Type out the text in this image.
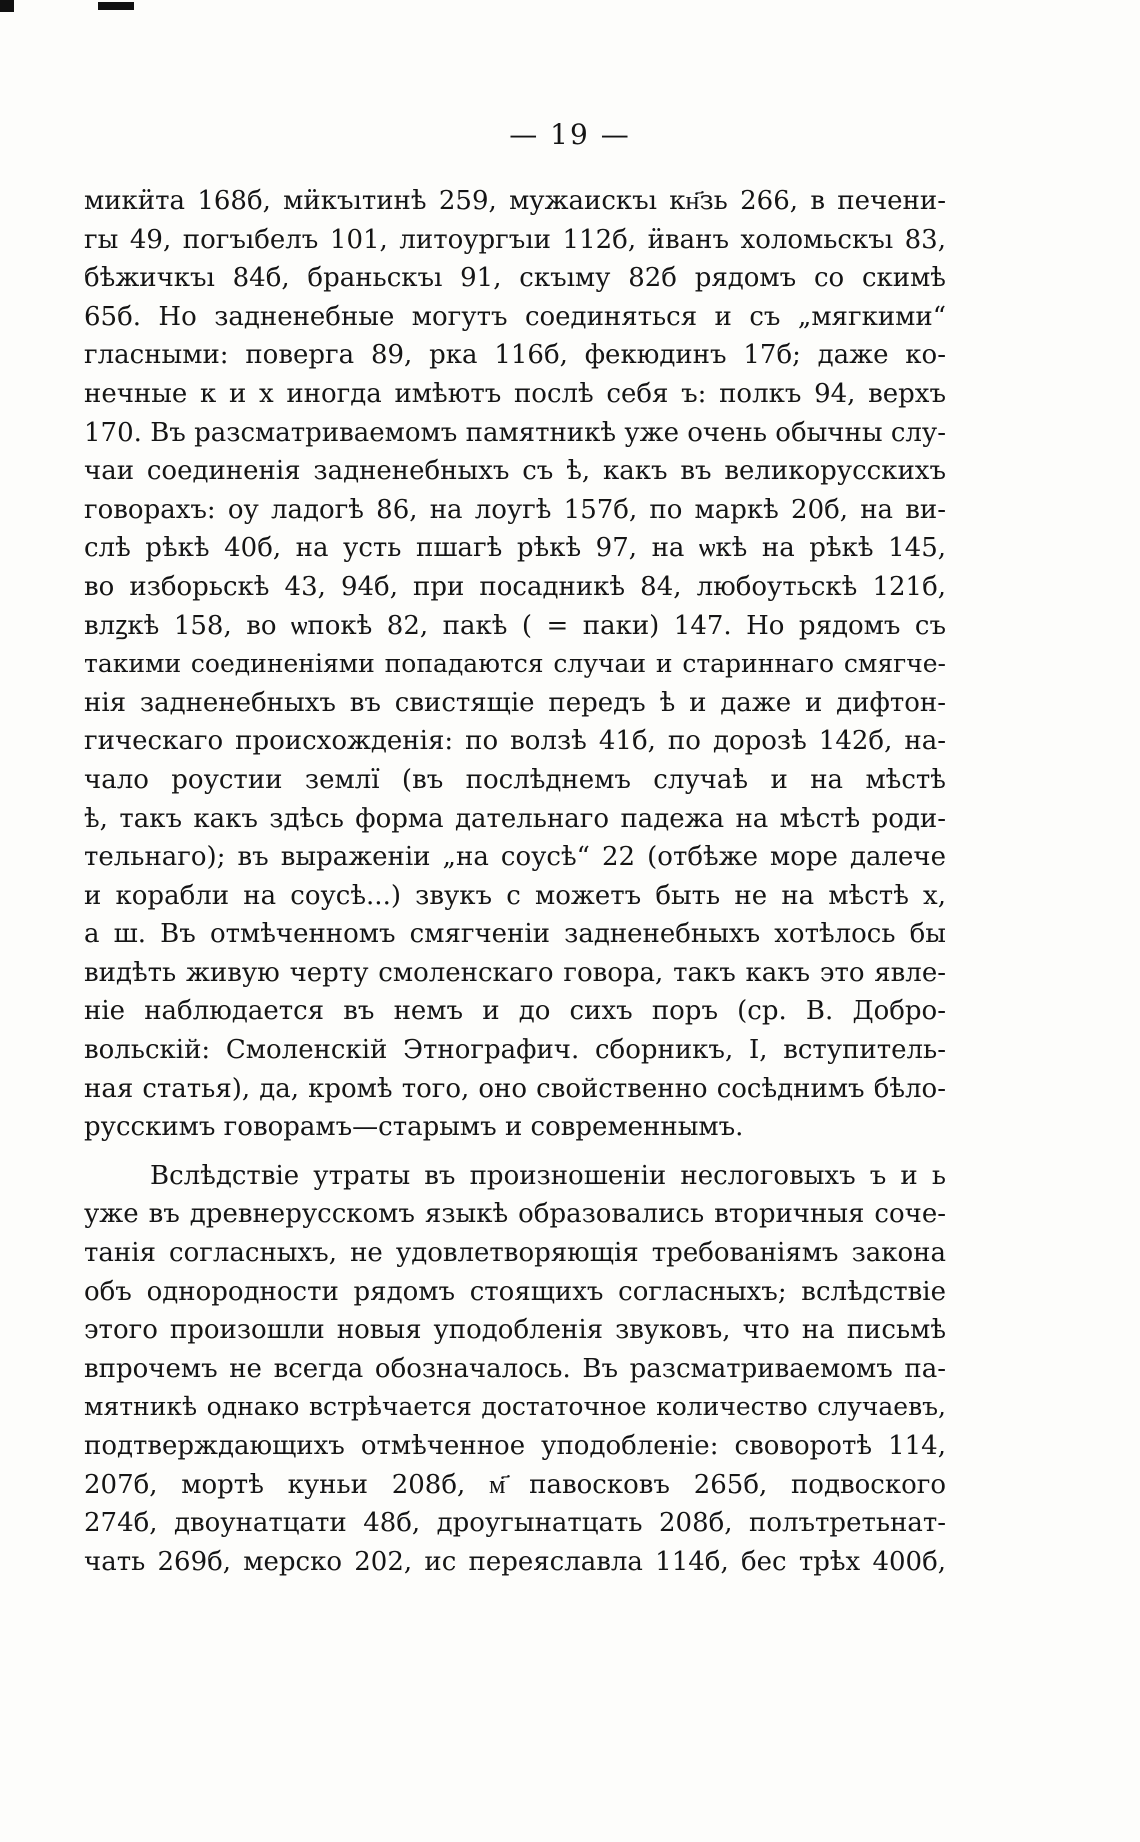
— 19 —
микӥта 168б, мӥкъıтинѣ 259, мужаискъı кн҃зь 266, в печени-
гы 49, погъıбелъ 101, литоургъıи 112б, ӥванъ холомьскъı 83,
бѣжичкъı 84б, браньскъı 91, скъıму 82б рядомъ со скимѣ
65б. Но задненебные могутъ соединяться и съ „мягкими“
гласными: поверга 89, рка 116б, фекюдинъ 17б; даже ко-
нечные к и х иногда имѣютъ послѣ себя ъ: полкъ 94, верхъ
170. Въ разсматриваемомъ памятникѣ уже очень обычны слу-
чаи соединенія задненебныхъ съ ѣ, какъ въ великорусскихъ
говорахъ: оу ладогѣ 86, на лоугѣ 157б, по маркѣ 20б, на ви-
слѣ рѣкѣ 40б, на усть пшагѣ рѣкѣ 97, на ѡкѣ на рѣкѣ 145,
во изборьскѣ 43, 94б, при посадникѣ 84, любоутьскѣ 121б,
влꙁкѣ 158, во ѡпокѣ 82, пакѣ ( = паки) 147. Но рядомъ съ
такими соединеніями попадаются случаи и стариннаго смягче-
нія задненебныхъ въ свистящіе передъ ѣ и даже и дифтон-
гическаго происхожденія: по волзѣ 41б, по дорозѣ 142б, на-
чало роустии землї (въ послѣднемъ случаѣ и на мѣстѣ
ѣ, такъ какъ здѣсь форма дательнаго падежа на мѣстѣ роди-
тельнаго); въ выраженіи „на соусѣ“ 22 (отбѣже море далече
и корабли на соусѣ...) звукъ с можетъ быть не на мѣстѣ х,
а ш. Въ отмѣченномъ смягченіи задненебныхъ хотѣлось бы
видѣть живую черту смоленскаго говора, такъ какъ это явле-
ніе наблюдается въ немъ и до сихъ поръ (ср. В. Добро-
вольскій: Смоленскій Этнографич. сборникъ, I, вступитель-
ная статья), да, кромѣ того, оно свойственно сосѣднимъ бѣло-
русскимъ говорамъ—старымъ и современнымъ.
Вслѣдствіе утраты въ произношеніи неслоговыхъ ъ и ь
уже въ древнерусскомъ языкѣ образовались вторичныя соче-
танія согласныхъ, не удовлетворяющія требованіямъ закона
объ однородности рядомъ стоящихъ согласныхъ; вслѣдствіе
этого произошли новыя уподобленія звуковъ, что на письмѣ
впрочемъ не всегда обозначалось. Въ разсматриваемомъ па-
мятникѣ однако встрѣчается достаточное количество случаевъ,
подтверждающихъ отмѣченное уподобленіе: своворотѣ 114,
207б, мортѣ куньи 208б, м҃ павосковъ 265б, подвоского
274б, двоунатцати 48б, дроугынатцать 208б, полътретьнат-
чать 269б, мерско 202, ис переяславла 114б, бес трѣх 400б,
